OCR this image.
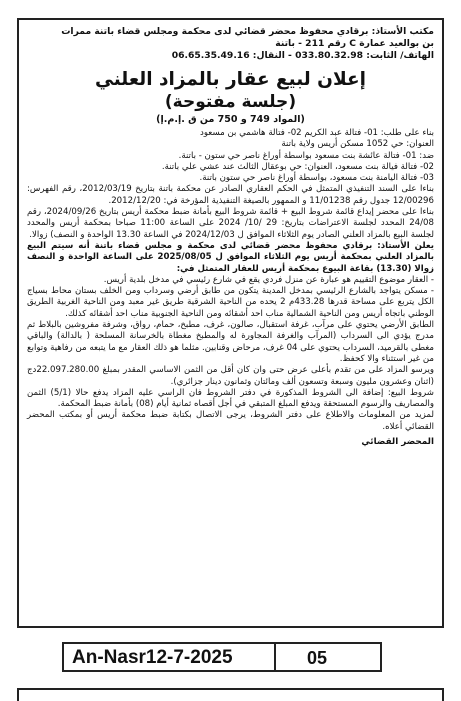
مكتب الأستاذ: برقادي محفوظ محضر قضائي لدى محكمة ومجلس قضاء باتنة ممرات

بن بوالعيد عمارة C رقم 211 - باتنة

الهاتف/ الثابت: 033.80.32.98 - النقال: 06.65.35.49.16

إعلان لبيع عقار بالمزاد العلني
(جلسة مفتوحة)
(المواد 749 و 750 من ق .إ.م.إ)

بناء على طلب: 01- فتالة عبد الكريم 02- فتالة هاشمي بن مسعود

العنوان: حي 1052 مسكن أريس ولاية باتنة

ضد: 01- فتالة عائشة بنت مسعود بواسطة أوراغ ناصر حي ستون - باتنة.

02- فتالة فيالة بنت مسعود، العنوان: حي بوعقال الثالث عند عشي علي باتنة.

03- فتالة اليامنة بنت مسعود، بواسطة أوراغ ناصر حي ستون باتنة.

بناءا على السند التنفيذي المتمثل في الحكم العقاري الصادر عن محكمة باتنة بتاريخ 2012/03/19، رقم الفهرس: 12/00296 جدول رقم 11/01238 و الممهور بالصيغة التنفيذية المؤرخة في: 2012/12/20.

بناءا على محضر إيداع قائمة شروط البيع + قائمة شروط البيع بأمانة ضبط محكمة أريس بتاريخ 2024/09/26، رقم 24/08 المحدد لجلسة الاعتراضات بتاريخ: 29 /10/ 2024 على الساعة 11:00 صباحا بمحكمة أريس والمحدد لجلسة البيع بالمزاد العلني الصادر يوم الثلاثاء الموافق ل 2024/12/03 في الساعة 13.30 الواحدة و النصف) زوالا.

يعلن الأستاذ: برقادي محفوظ محضر قضائي لدى محكمة و مجلس قضاء باتنة أنه سيتم البيع بالمزاد العلني بمحكمة أريس يوم الثلاثاء الموافق ل 2025/08/05 على الساعة الواحدة و النصف زوالا (13.30) بقاعة البيوع بمحكمة أريس للعقار المتمثل في:

- العقار موضوع التقييم هو عبارة عن منزل فردي يقع في شارع رئيسي في مدخل بلدية أريس.

- مسكن يتواجد بالشارع الرئيسي بمدخل المدينة يتكون من طابق أرضي وسرداب ومن الخلف بستان محاط بسياج الكل يتربع على مساحة قدرها 433.28م 2 يحده من الناحية الشرقية طريق غير معبد ومن الناحية الغربية الطريق الوطني باتجاه أريس ومن الناحية الشمالية مناب احد أشقائه ومن الناحية الجنوبية مناب احد أشقائه كذلك.

الطابق الأرضي يحتوي على مرآب، غرفة استقبال، صالون، غرف، مطبخ، حمام، رواق، وشرفة مفروشين بالبلاط ثم مدرج يؤدي الى السرداب (المرآب والغرفة المجاورة له والمطبخ مغطاة بالخرسانة المسلحة ( بالدالة) والباقي مغطى بالقرميد، السرداب يحتوي على 04 غرف، مرحاض وقنابين. مثلما هو ذلك العقار مع ما يتبعه من رفاهية وتوابع من غير استثناء والا كحفظ.

ويرسو المزاد على من تقدم بأعلى عرض حتى وان كان أقل من الثمن الاساسي المقدر بمبلغ 22.097.280.00دج (اثنان وعشرون مليون وسبعة وتسعون ألف ومائتان وثمانون دينار جزائري).

شروط البيع: إضافة الى الشروط المذكورة في دفتر الشروط فان الراسي عليه المزاد يدفع حالا (5/1) الثمن والمصاريف والرسوم المستحقة ويدفع المبلغ المتبقي في أجل أقصاه ثمانية أيام (08) بأمانة ضبط المحكمة.

لمزيد من المعلومات والاطلاع على دفتر الشروط، يرجى الاتصال بكتابة ضبط محكمة أريس أو بمكتب المحضر القضائي أعلاه.

المحضر القضائي
An-Nasr12-7-2025	05
